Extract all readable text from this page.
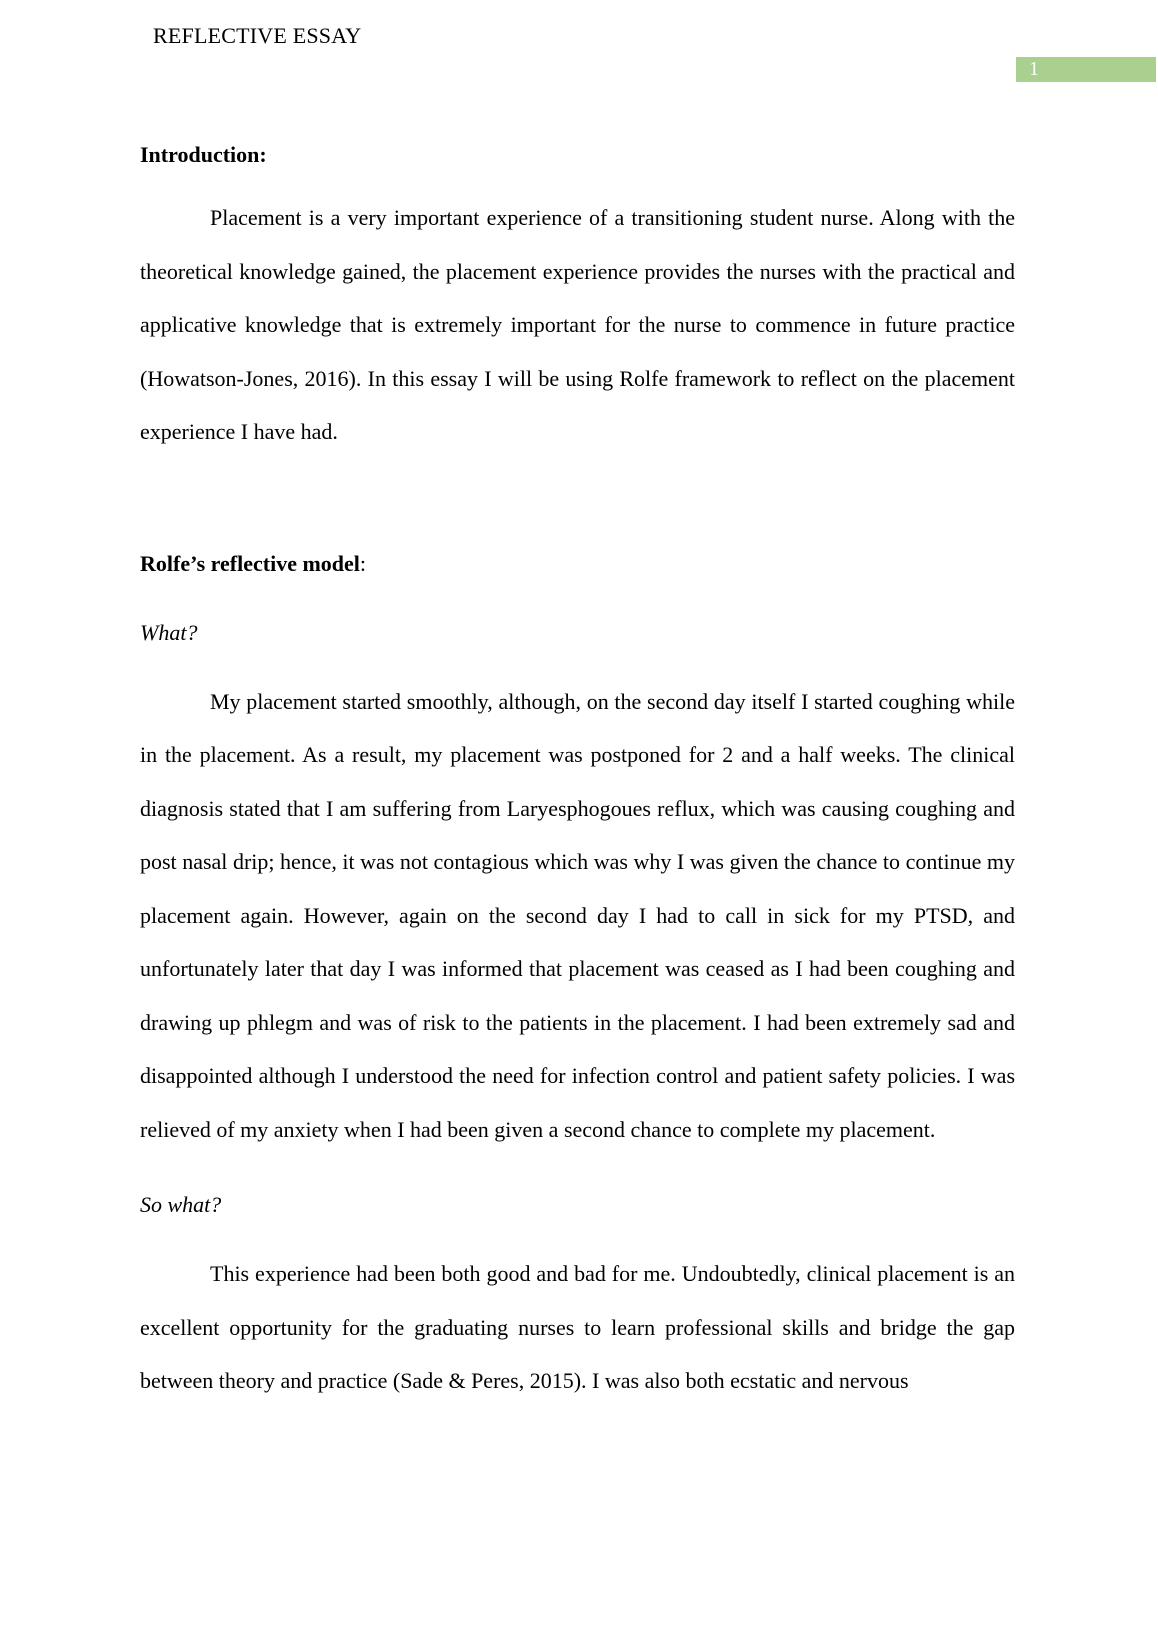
REFLECTIVE ESSAY
1
Introduction:

Placement is a very important experience of a transitioning student nurse. Along with the theoretical knowledge gained, the placement experience provides the nurses with the practical and applicative knowledge that is extremely important for the nurse to commence in future practice (Howatson-Jones, 2016). In this essay I will be using Rolfe framework to reflect on the placement experience I have had.

Rolfe’s reflective model:
What?

My placement started smoothly, although, on the second day itself I started coughing while in the placement. As a result, my placement was postponed for 2 and a half weeks. The clinical diagnosis stated that I am suffering from Laryesphogoues reflux, which was causing coughing and post nasal drip; hence, it was not contagious which was why I was given the chance to continue my placement again. However, again on the second day I had to call in sick for my PTSD, and unfortunately later that day I was informed that placement was ceased as I had been coughing and drawing up phlegm and was of risk to the patients in the placement. I had been extremely sad and disappointed although I understood the need for infection control and patient safety policies. I was relieved of my anxiety when I had been given a second chance to complete my placement.

So what?

This experience had been both good and bad for me. Undoubtedly, clinical placement is an excellent opportunity for the graduating nurses to learn professional skills and bridge the gap between theory and practice (Sade & Peres, 2015). I was also both ecstatic and nervous
